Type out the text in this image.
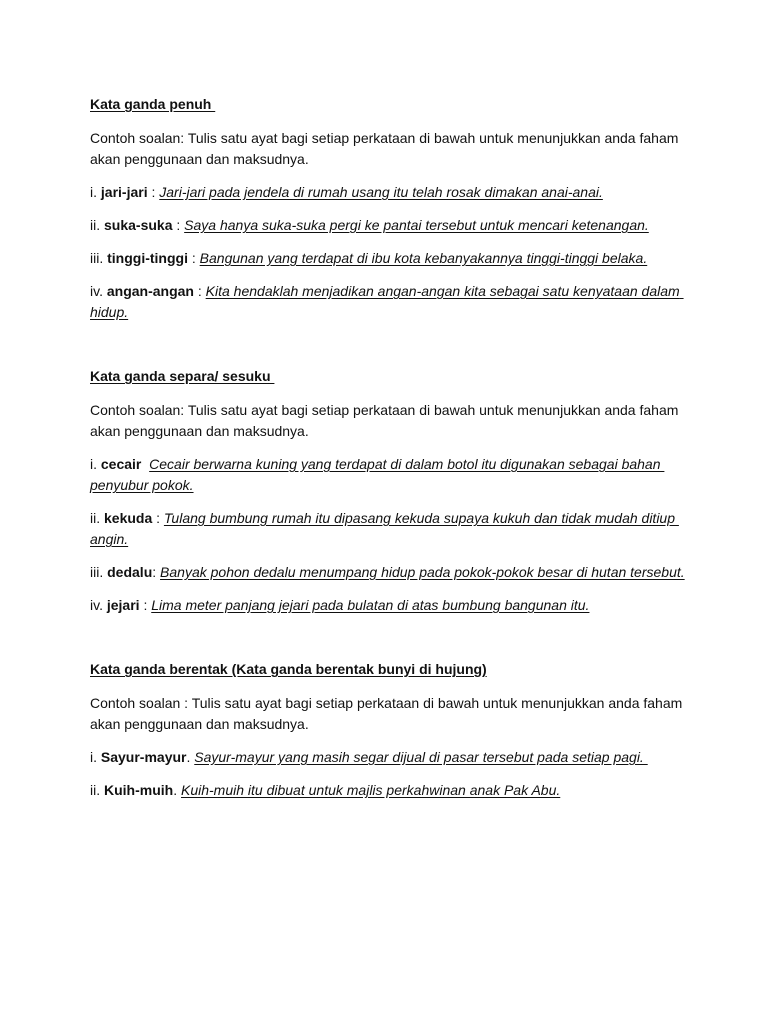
Kata ganda penuh
Contoh soalan: Tulis satu ayat bagi setiap perkataan di bawah untuk menunjukkan anda faham akan penggunaan dan maksudnya.
i. jari-jari : Jari-jari pada jendela di rumah usang itu telah rosak dimakan anai-anai.
ii. suka-suka : Saya hanya suka-suka pergi ke pantai tersebut untuk mencari ketenangan.
iii. tinggi-tinggi : Bangunan yang terdapat di ibu kota kebanyakannya tinggi-tinggi belaka.
iv. angan-angan : Kita hendaklah menjadikan angan-angan kita sebagai satu kenyataan dalam hidup.
Kata ganda separa/ sesuku
Contoh soalan: Tulis satu ayat bagi setiap perkataan di bawah untuk menunjukkan anda faham akan penggunaan dan maksudnya.
i. cecair Cecair berwarna kuning yang terdapat di dalam botol itu digunakan sebagai bahan penyubur pokok.
ii. kekuda : Tulang bumbung rumah itu dipasang kekuda supaya kukuh dan tidak mudah ditiup angin.
iii. dedalu: Banyak pohon dedalu menumpang hidup pada pokok-pokok besar di hutan tersebut.
iv. jejari : Lima meter panjang jejari pada bulatan di atas bumbung bangunan itu.
Kata ganda berentak (Kata ganda berentak bunyi di hujung)
Contoh soalan : Tulis satu ayat bagi setiap perkataan di bawah untuk menunjukkan anda faham akan penggunaan dan maksudnya.
i. Sayur-mayur. Sayur-mayur yang masih segar dijual di pasar tersebut pada setiap pagi.
ii. Kuih-muih. Kuih-muih itu dibuat untuk majlis perkahwinan anak Pak Abu.
